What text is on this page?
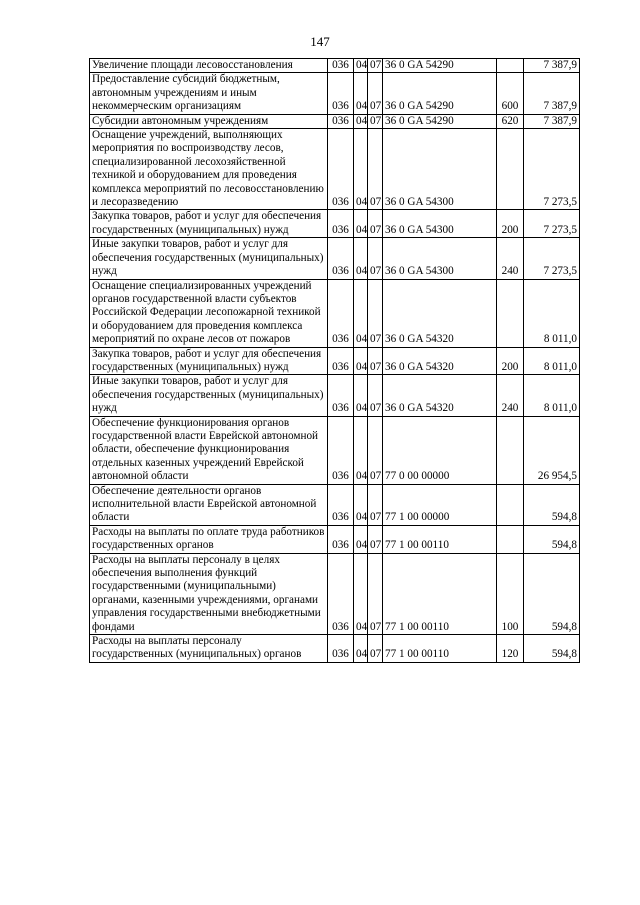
147
Увеличение площади лесовосстановления	036	04	07	36 0 GA 54290		7 387,9
Предоставление субсидий бюджетным, автономным учреждениям и иным некоммерческим организациям	036	04	07	36 0 GA 54290	600	7 387,9
Субсидии автономным учреждениям	036	04	07	36 0 GA 54290	620	7 387,9
Оснащение учреждений, выполняющих мероприятия по воспроизводству лесов, специализированной лесохозяйственной техникой и оборудованием для проведения комплекса мероприятий по лесовосстановлению и лесоразведению	036	04	07	36 0 GA 54300		7 273,5
Закупка товаров, работ и услуг для обеспечения государственных (муниципальных) нужд	036	04	07	36 0 GA 54300	200	7 273,5
Иные закупки товаров, работ и услуг для обеспечения государственных (муниципальных) нужд	036	04	07	36 0 GA 54300	240	7 273,5
Оснащение специализированных учреждений органов государственной власти субъектов Российской Федерации лесопожарной техникой и оборудованием для проведения комплекса мероприятий по охране лесов от пожаров	036	04	07	36 0 GA 54320		8 011,0
Закупка товаров, работ и услуг для обеспечения государственных (муниципальных) нужд	036	04	07	36 0 GA 54320	200	8 011,0
Иные закупки товаров, работ и услуг для обеспечения государственных (муниципальных) нужд	036	04	07	36 0 GA 54320	240	8 011,0
Обеспечение функционирования органов государственной власти Еврейской автономной области, обеспечение функционирования отдельных казенных учреждений Еврейской автономной области	036	04	07	77 0 00 00000		26 954,5
Обеспечение деятельности органов исполнительной власти Еврейской автономной области	036	04	07	77 1 00 00000		594,8
Расходы на выплаты по оплате труда работников государственных органов	036	04	07	77 1 00 00110		594,8
Расходы на выплаты персоналу в целях обеспечения выполнения функций государственными (муниципальными) органами, казенными учреждениями, органами управления государственными внебюджетными фондами	036	04	07	77 1 00 00110	100	594,8
Расходы на выплаты персоналу государственных (муниципальных) органов	036	04	07	77 1 00 00110	120	594,8
